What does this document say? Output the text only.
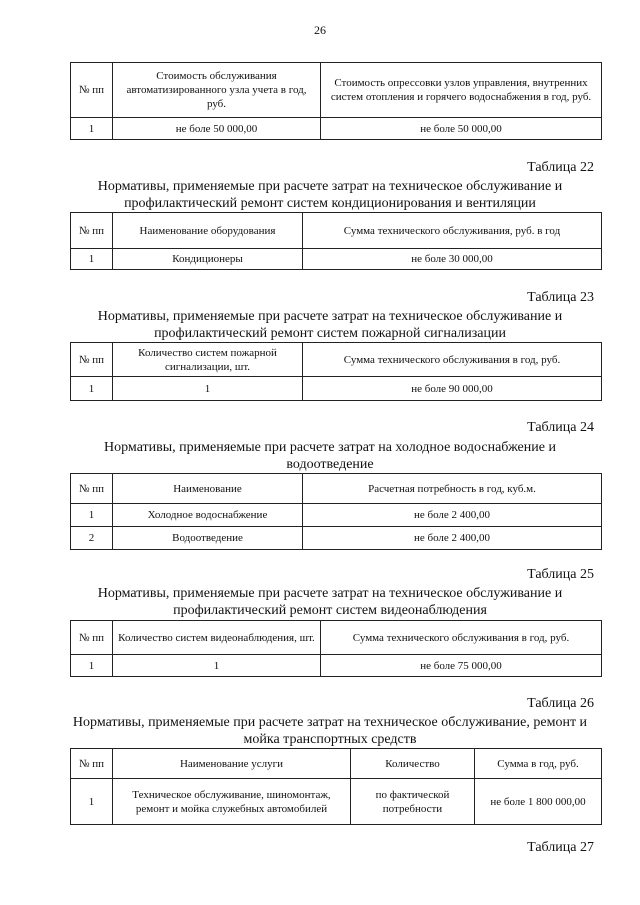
26
№ пп	Стоимость обслуживания автоматизированного узла учета в год, руб.	Стоимость опрессовки узлов управления, внутренних систем отопления и горячего водоснабжения в год, руб.
1	не боле 50 000,00	не боле 50 000,00
Таблица 22
Нормативы, применяемые при расчете затрат на техническое обслуживание и профилактический ремонт систем кондиционирования и вентиляции
№ пп	Наименование оборудования	Сумма технического обслуживания, руб. в год
1	Кондиционеры	не боле 30 000,00
Таблица 23
Нормативы, применяемые при расчете затрат на техническое обслуживание и профилактический ремонт систем пожарной сигнализации
№ пп	Количество систем пожарной сигнализации, шт.	Сумма технического обслуживания в год, руб.
1	1	не боле 90 000,00
Таблица 24
Нормативы, применяемые при расчете затрат на холодное водоснабжение и водоотведение
№ пп	Наименование	Расчетная потребность в год, куб.м.
1	Холодное водоснабжение	не боле 2 400,00
2	Водоотведение	не боле 2 400,00
Таблица 25
Нормативы, применяемые при расчете затрат на техническое обслуживание и профилактический ремонт систем видеонаблюдения
№ пп	Количество систем видеонаблюдения, шт.	Сумма технического обслуживания в год, руб.
1	1	не боле 75 000,00
Таблица 26
Нормативы, применяемые при расчете затрат на техническое обслуживание, ремонт и мойка транспортных средств
№ пп	Наименование услуги	Количество	Сумма в год, руб.
1	Техническое обслуживание, шиномонтаж, ремонт и мойка служебных автомобилей	по фактической потребности	не боле 1 800 000,00
Таблица 27
